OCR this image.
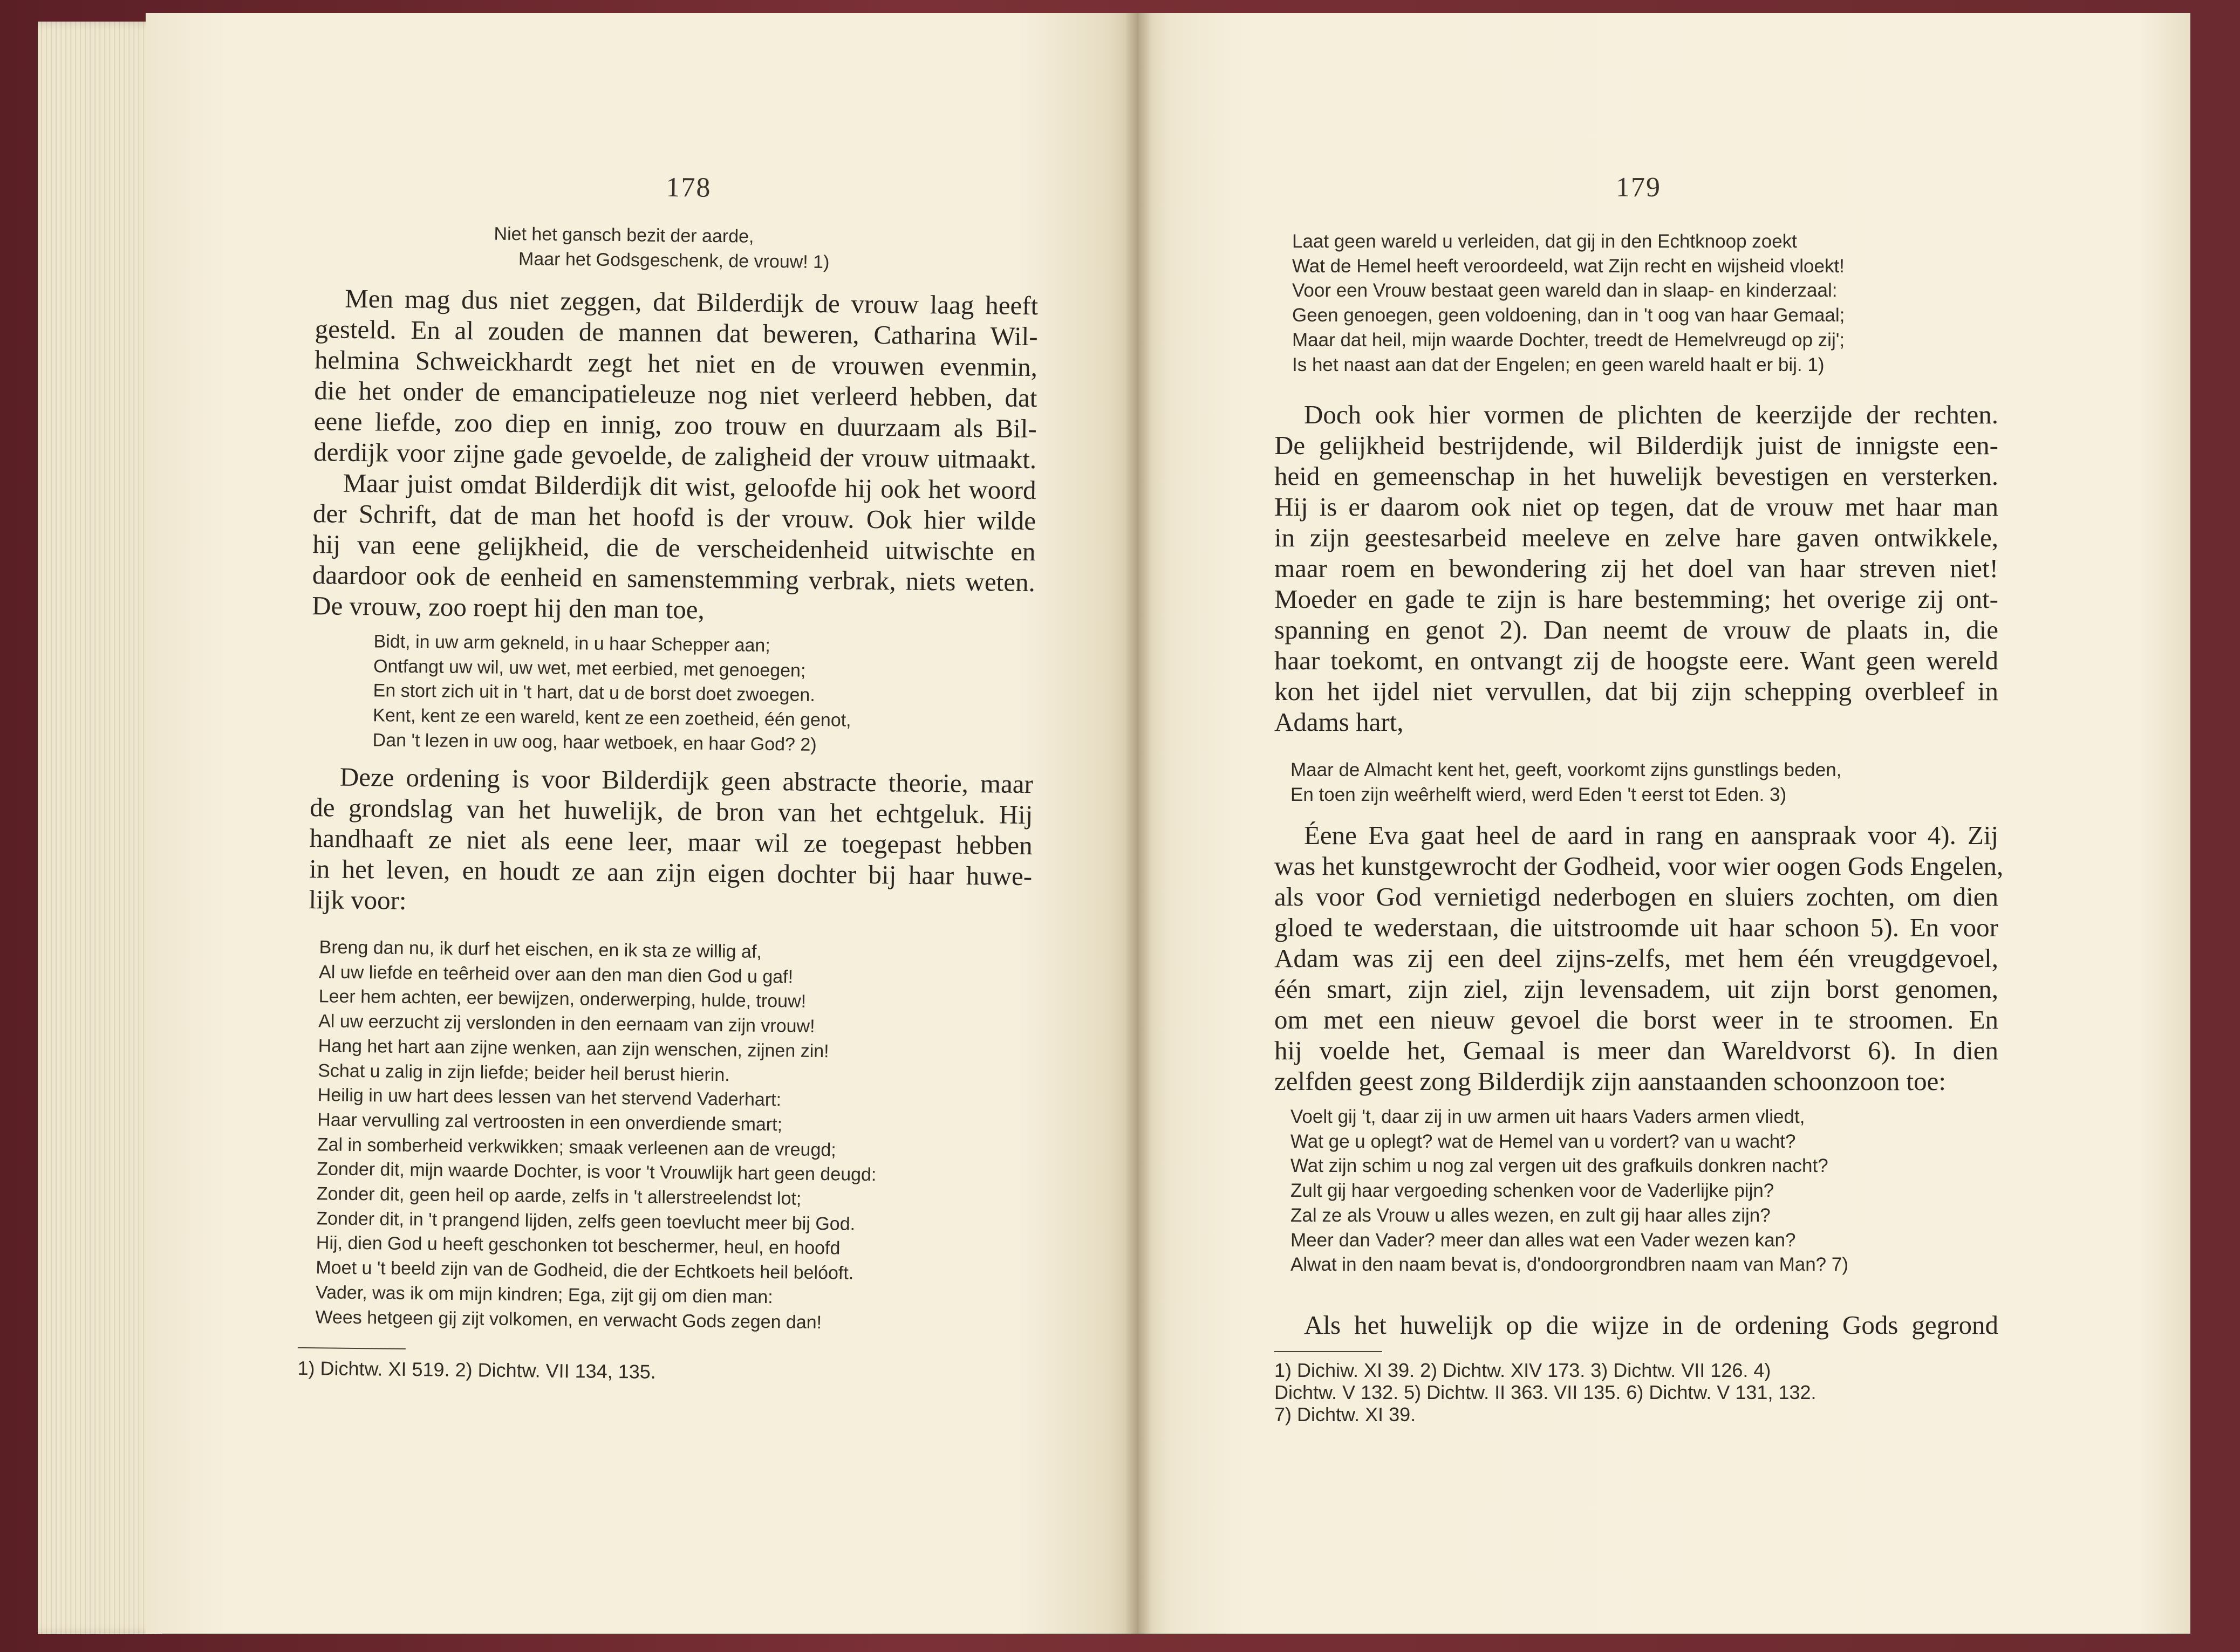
178
Niet het gansch bezit der aarde,
Maar het Godsgeschenk, de vrouw! 1)

Men mag dus niet zeggen, dat Bilderdijk de vrouw laag heeft

gesteld. En al zouden de mannen dat beweren, Catharina Wil-

helmina Schweickhardt zegt het niet en de vrouwen evenmin,

die het onder de emancipatieleuze nog niet verleerd hebben, dat

eene liefde, zoo diep en innig, zoo trouw en duurzaam als Bil-

derdijk voor zijne gade gevoelde, de zaligheid der vrouw uitmaakt.

Maar juist omdat Bilderdijk dit wist, geloofde hij ook het woord

der Schrift, dat de man het hoofd is der vrouw. Ook hier wilde

hij van eene gelijkheid, die de verscheidenheid uitwischte en

daardoor ook de eenheid en samenstemming verbrak, niets weten.

De vrouw, zoo roept hij den man toe,

Bidt, in uw arm gekneld, in u haar Schepper aan;
Ontfangt uw wil, uw wet, met eerbied, met genoegen;
En stort zich uit in 't hart, dat u de borst doet zwoegen.
Kent, kent ze een wareld, kent ze een zoetheid, één genot,
Dan 't lezen in uw oog, haar wetboek, en haar God? 2)

Deze ordening is voor Bilderdijk geen abstracte theorie, maar

de grondslag van het huwelijk, de bron van het echtgeluk. Hij

handhaaft ze niet als eene leer, maar wil ze toegepast hebben

in het leven, en houdt ze aan zijn eigen dochter bij haar huwe-

lijk voor:

Breng dan nu, ik durf het eischen, en ik sta ze willig af,
Al uw liefde en teêrheid over aan den man dien God u gaf!
Leer hem achten, eer bewijzen, onderwerping, hulde, trouw!
Al uw eerzucht zij verslonden in den eernaam van zijn vrouw!
Hang het hart aan zijne wenken, aan zijn wenschen, zijnen zin!
Schat u zalig in zijn liefde; beider heil berust hierin.
Heilig in uw hart dees lessen van het stervend Vaderhart:
Haar vervulling zal vertroosten in een onverdiende smart;
Zal in somberheid verkwikken; smaak verleenen aan de vreugd;
Zonder dit, mijn waarde Dochter, is voor 't Vrouwlijk hart geen deugd:
Zonder dit, geen heil op aarde, zelfs in 't allerstreelendst lot;
Zonder dit, in 't prangend lijden, zelfs geen toevlucht meer bij God.
Hij, dien God u heeft geschonken tot beschermer, heul, en hoofd
Moet u 't beeld zijn van de Godheid, die der Echtkoets heil belóoft.
Vader, was ik om mijn kindren; Ega, zijt gij om dien man:
Wees hetgeen gij zijt volkomen, en verwacht Gods zegen dan!
1) Dichtw. XI 519. 2) Dichtw. VII 134, 135.
179
Laat geen wareld u verleiden, dat gij in den Echtknoop zoekt
Wat de Hemel heeft veroordeeld, wat Zijn recht en wijsheid vloekt!
Voor een Vrouw bestaat geen wareld dan in slaap- en kinderzaal:
Geen genoegen, geen voldoening, dan in 't oog van haar Gemaal;
Maar dat heil, mijn waarde Dochter, treedt de Hemelvreugd op zij';
Is het naast aan dat der Engelen; en geen wareld haalt er bij. 1)

Doch ook hier vormen de plichten de keerzijde der rechten.

De gelijkheid bestrijdende, wil Bilderdijk juist de innigste een-

heid en gemeenschap in het huwelijk bevestigen en versterken.

Hij is er daarom ook niet op tegen, dat de vrouw met haar man

in zijn geestesarbeid meeleve en zelve hare gaven ontwikkele,

maar roem en bewondering zij het doel van haar streven niet!

Moeder en gade te zijn is hare bestemming; het overige zij ont-

spanning en genot 2). Dan neemt de vrouw de plaats in, die

haar toekomt, en ontvangt zij de hoogste eere. Want geen wereld

kon het ijdel niet vervullen, dat bij zijn schepping overbleef in

Adams hart,

Maar de Almacht kent het, geeft, voorkomt zijns gunstlings beden,
En toen zijn weêrhelft wierd, werd Eden 't eerst tot Eden. 3)

Éene Eva gaat heel de aard in rang en aanspraak voor 4). Zij

was het kunstgewrocht der Godheid, voor wier oogen Gods Engelen,

als voor God vernietigd nederbogen en sluiers zochten, om dien

gloed te wederstaan, die uitstroomde uit haar schoon 5). En voor

Adam was zij een deel zijns-zelfs, met hem één vreugdgevoel,

één smart, zijn ziel, zijn levensadem, uit zijn borst genomen,

om met een nieuw gevoel die borst weer in te stroomen. En

hij voelde het, Gemaal is meer dan Wareldvorst 6). In dien

zelfden geest zong Bilderdijk zijn aanstaanden schoonzoon toe:

Voelt gij 't, daar zij in uw armen uit haars Vaders armen vliedt,
Wat ge u oplegt? wat de Hemel van u vordert? van u wacht?
Wat zijn schim u nog zal vergen uit des grafkuils donkren nacht?
Zult gij haar vergoeding schenken voor de Vaderlijke pijn?
Zal ze als Vrouw u alles wezen, en zult gij haar alles zijn?
Meer dan Vader? meer dan alles wat een Vader wezen kan?
Alwat in den naam bevat is, d'ondoorgrondbren naam van Man? 7)

Als het huwelijk op die wijze in de ordening Gods gegrond

1) Dichiw. XI 39. 2) Dichtw. XIV 173. 3) Dichtw. VII 126. 4)
Dichtw. V 132. 5) Dichtw. II 363. VII 135. 6) Dichtw. V 131, 132.
7) Dichtw. XI 39.
